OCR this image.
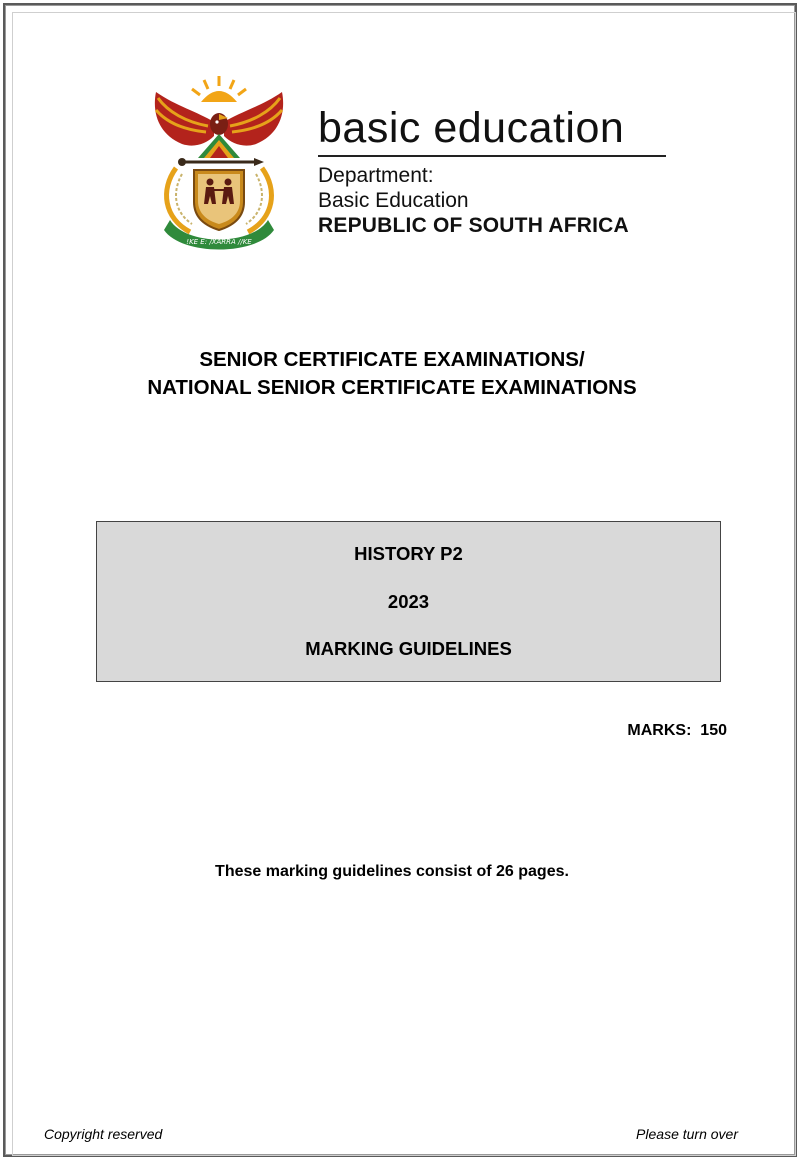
!KE E: /XARRA //KE
basic education
Department:
Basic Education
REPUBLIC OF SOUTH AFRICA
SENIOR CERTIFICATE EXAMINATIONS/
NATIONAL SENIOR CERTIFICATE EXAMINATIONS
HISTORY P2
2023
MARKING GUIDELINES
MARKS:  150
These marking guidelines consist of 26 pages.
Copyright reserved	Please turn over
